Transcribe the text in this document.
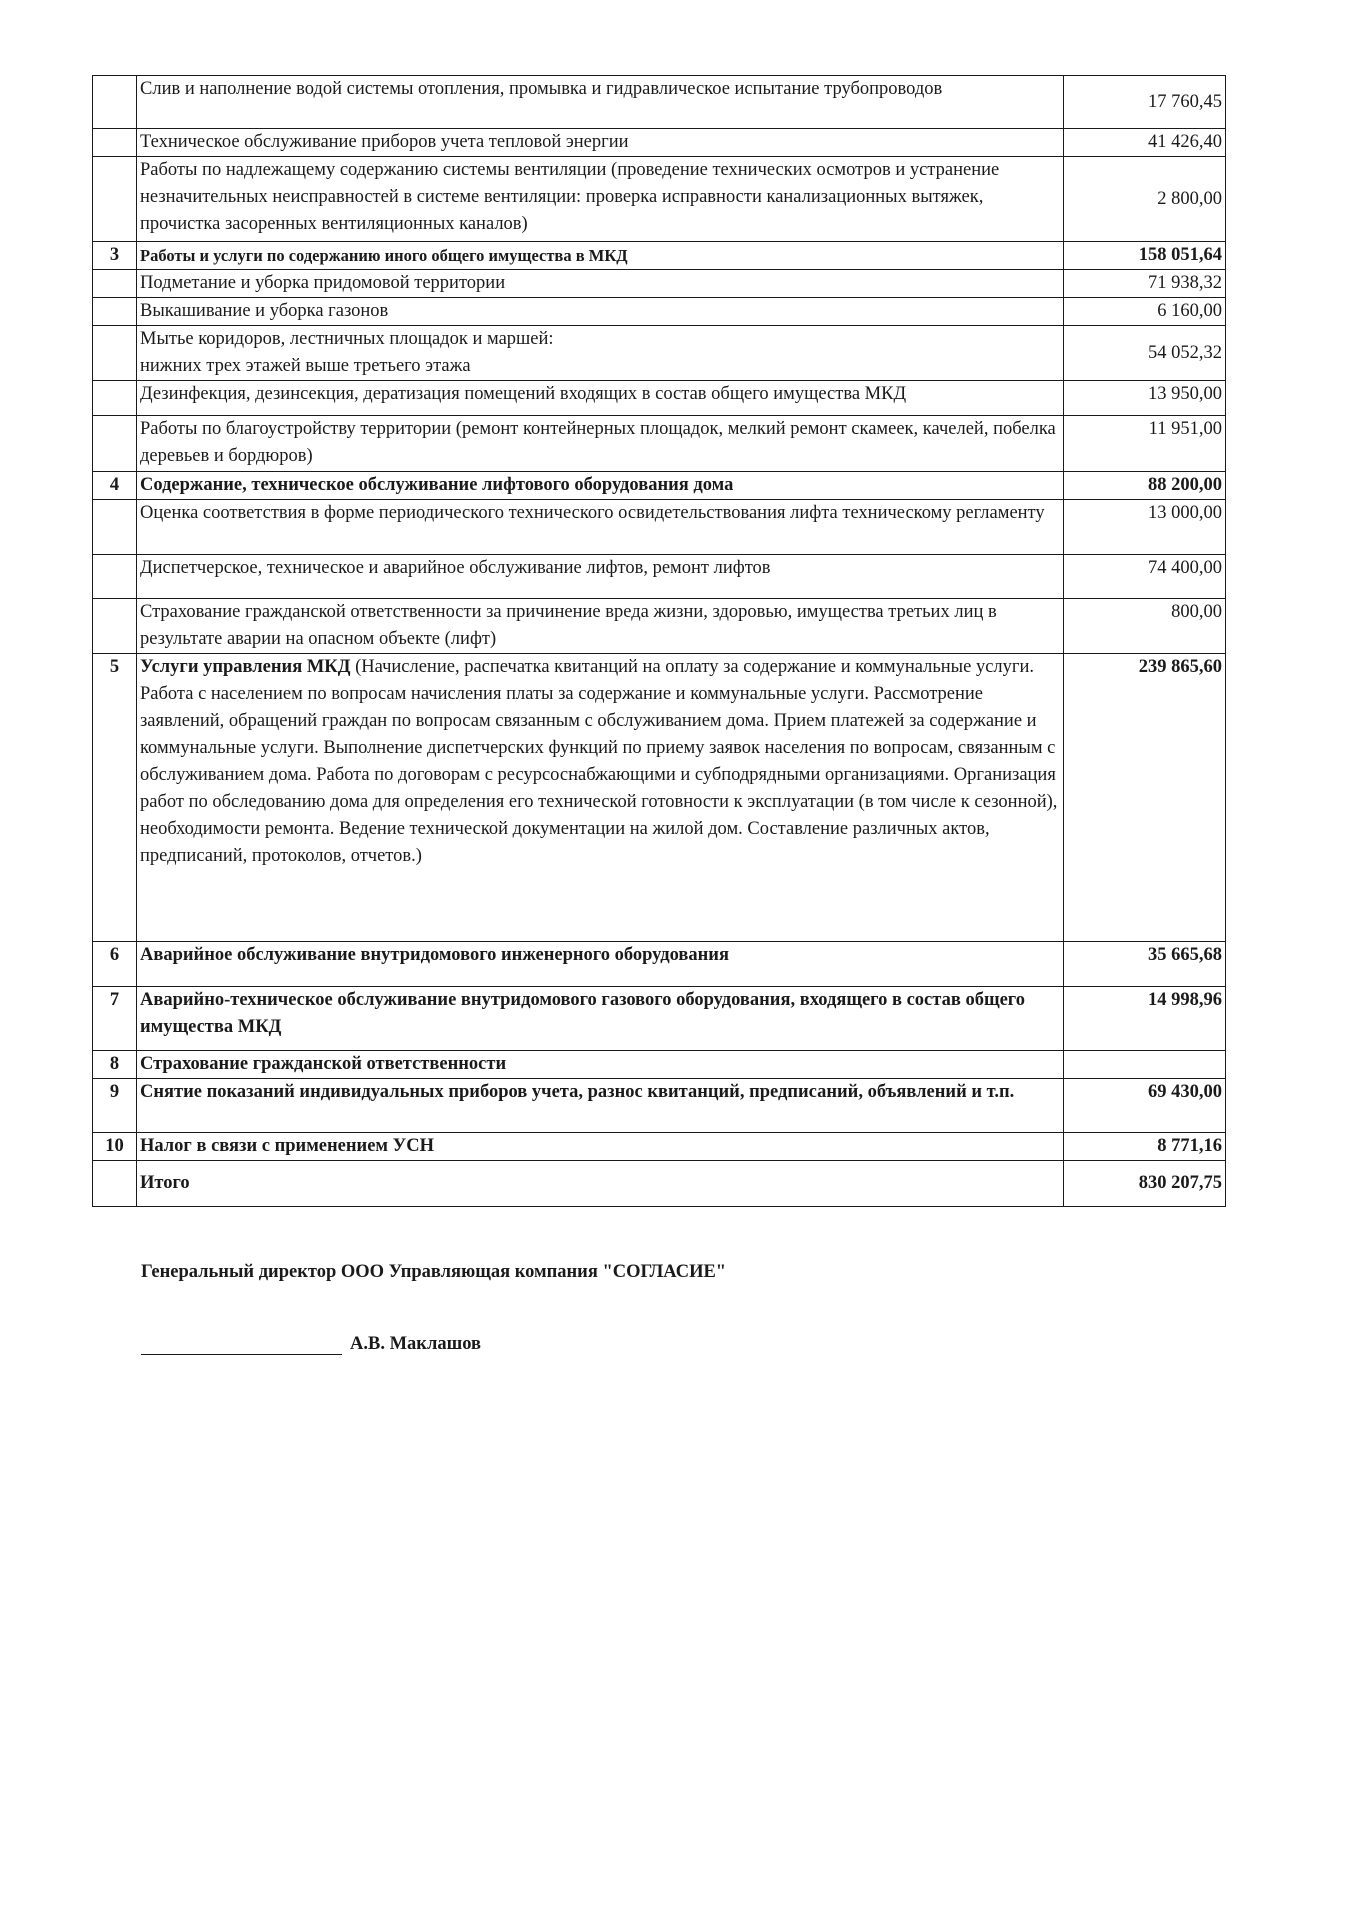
	Слив и наполнение водой системы отопления, промывка и гидравлическое испытание трубопроводов	17 760,45
	Техническое обслуживание приборов учета тепловой энергии	41 426,40
	Работы по надлежащему содержанию системы вентиляции (проведение технических осмотров и устранение незначительных неисправностей в системе вентиляции: проверка исправности канализационных вытяжек, прочистка засоренных вентиляционных каналов)	2 800,00
3	Работы и услуги по содержанию иного общего имущества в МКД	158 051,64
	Подметание и уборка придомовой территории	71 938,32
	Выкашивание и уборка газонов	6 160,00
	Мытье коридоров, лестничных площадок и маршей:
нижних трех этажей выше третьего этажа	54 052,32
	Дезинфекция, дезинсекция, дератизация помещений входящих в состав общего имущества МКД	13 950,00
	Работы по благоустройству территории (ремонт контейнерных площадок, мелкий ремонт скамеек, качелей, побелка деревьев и бордюров)	11 951,00
4	Содержание, техническое обслуживание лифтового оборудования дома	88 200,00
	Оценка соответствия в форме периодического технического освидетельствования лифта техническому регламенту	13 000,00
	Диспетчерское, техническое и аварийное обслуживание лифтов, ремонт лифтов	74 400,00
	Страхование гражданской ответственности за причинение вреда жизни, здоровью, имущества третьих лиц в результате аварии на опасном объекте (лифт)	800,00
5	Услуги управления МКД (Начисление, распечатка квитанций на оплату за содержание и коммунальные услуги. Работа с населением по вопросам начисления платы за содержание и коммунальные услуги. Рассмотрение заявлений, обращений граждан по вопросам связанным с обслуживанием дома. Прием платежей за содержание и коммунальные услуги. Выполнение диспетчерских функций по приему заявок населения по вопросам, связанным с обслуживанием дома. Работа по договорам с ресурсоснабжающими и субподрядными организациями. Организация работ по обследованию дома для определения его технической готовности к эксплуатации (в том числе к сезонной), необходимости ремонта. Ведение технической документации на жилой дом. Составление различных актов, предписаний, протоколов, отчетов.)	239 865,60
6	Аварийное обслуживание внутридомового инженерного оборудования	35 665,68
7	Аварийно-техническое обслуживание внутридомового газового оборудования, входящего в состав общего имущества МКД	14 998,96
8	Страхование гражданской ответственности	
9	Снятие показаний индивидуальных приборов учета, разнос квитанций, предписаний, объявлений и т.п.	69 430,00
10	Налог в связи с применением УСН	8 771,16
	Итого	830 207,75
Генеральный директор ООО Управляющая компания "СОГЛАСИЕ"
А.В. Маклашов
